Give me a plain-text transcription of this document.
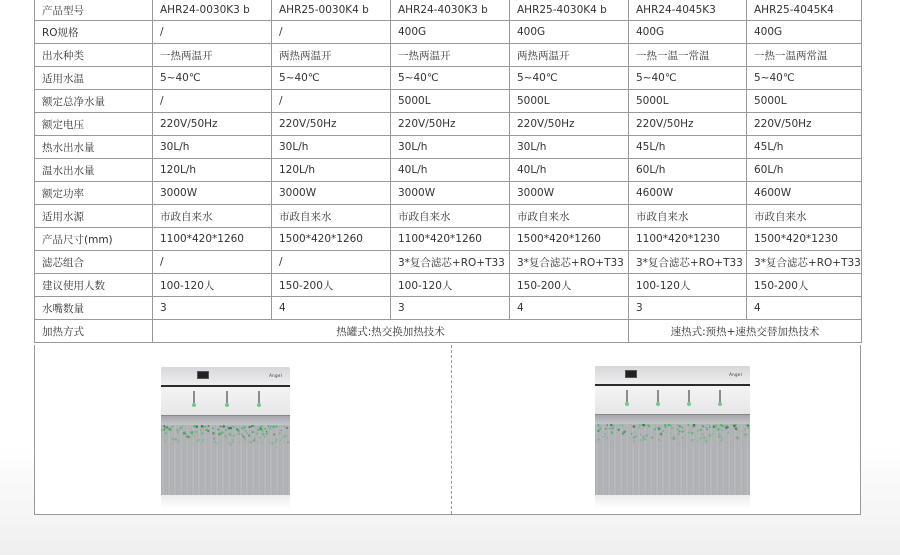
产品型号	AHR24-0030K3 b	AHR25-0030K4 b	AHR24-4030K3 b	AHR25-4030K4 b	AHR24-4045K3	AHR25-4045K4
RO规格	/	/	400G	400G	400G	400G
出水种类	一热两温开	两热两温开	一热两温开	两热两温开	一热一温一常温	一热一温两常温
适用水温	5~40℃	5~40℃	5~40℃	5~40℃	5~40℃	5~40℃
额定总净水量	/	/	5000L	5000L	5000L	5000L
额定电压	220V/50Hz	220V/50Hz	220V/50Hz	220V/50Hz	220V/50Hz	220V/50Hz
热水出水量	30L/h	30L/h	30L/h	30L/h	45L/h	45L/h
温水出水量	120L/h	120L/h	40L/h	40L/h	60L/h	60L/h
额定功率	3000W	3000W	3000W	3000W	4600W	4600W
适用水源	市政自来水	市政自来水	市政自来水	市政自来水	市政自来水	市政自来水
产品尺寸(mm)	1100*420*1260	1500*420*1260	1100*420*1260	1500*420*1260	1100*420*1230	1500*420*1230
滤芯组合	/	/	3*复合滤芯+RO+T33	3*复合滤芯+RO+T33	3*复合滤芯+RO+T33	3*复合滤芯+RO+T33
建议使用人数	100-120人	150-200人	100-120人	150-200人	100-120人	150-200人
水嘴数量	3	4	3	4	3	4
加热方式	热罐式:热交换加热技术				速热式:预热+速热交替加热技术	
Angel	Angel
